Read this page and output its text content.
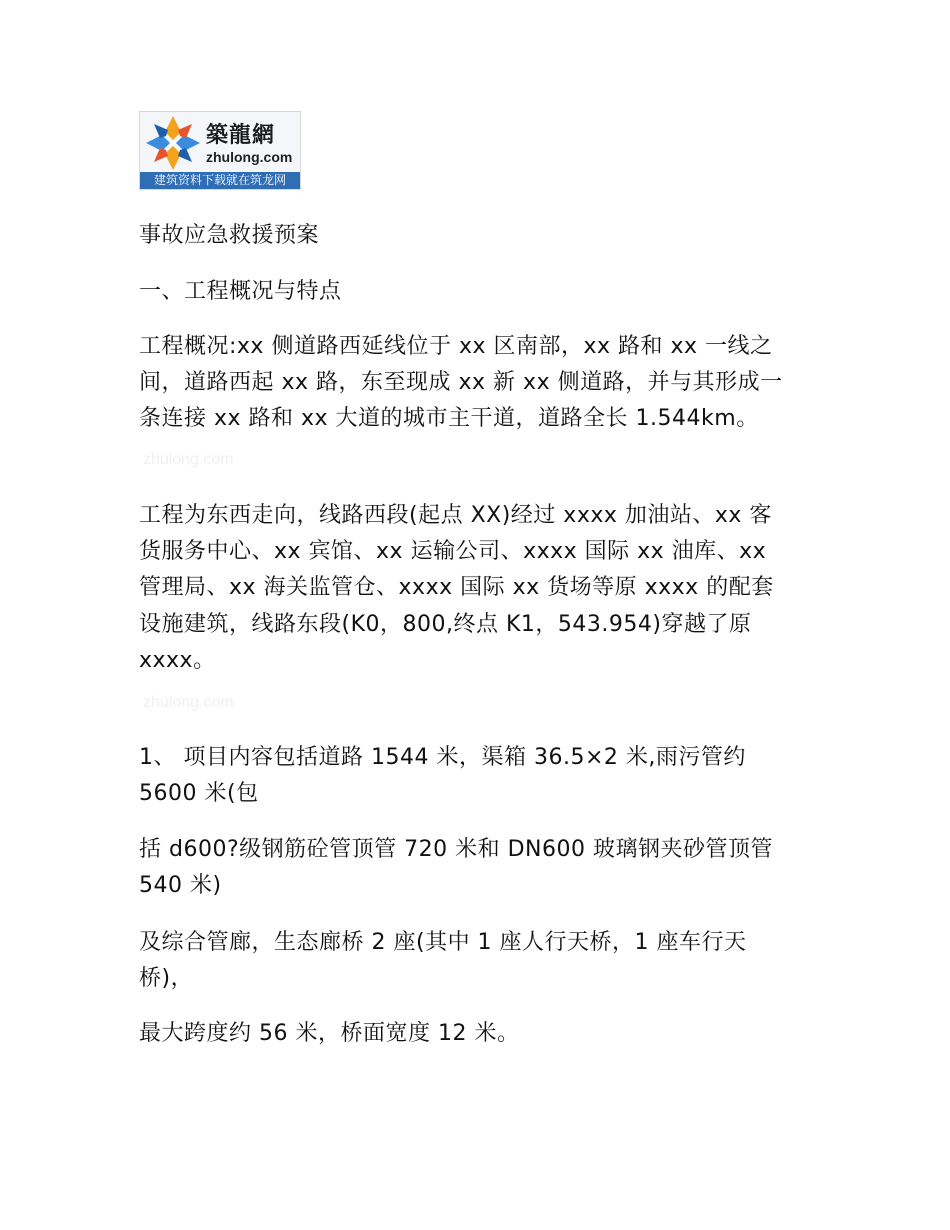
築龍網
zhulong.com
建筑资料下载就在筑龙网
事故应急救援预案
一、工程概况与特点
工程概况:xx 侧道路西延线位于 xx 区南部，xx 路和 xx 一线之
间，道路西起 xx 路，东至现成 xx 新 xx 侧道路，并与其形成一
条连接 xx 路和 xx 大道的城市主干道，道路全长 1.544km。
zhulong.com
工程为东西走向，线路西段(起点 XX)经过 xxxx 加油站、xx 客
货服务中心、xx 宾馆、xx 运输公司、xxxx 国际 xx 油库、xx
管理局、xx 海关监管仓、xxxx 国际 xx 货场等原 xxxx 的配套
设施建筑，线路东段(K0，800,终点 K1，543.954)穿越了原
xxxx。
zhulong.com
1、 项目内容包括道路 1544 米，渠箱 36.5×2 米,雨污管约
5600 米(包
括 d600?级钢筋砼管顶管 720 米和 DN600 玻璃钢夹砂管顶管
540 米)
及综合管廊，生态廊桥 2 座(其中 1 座人行天桥，1 座车行天
桥)，
最大跨度约 56 米，桥面宽度 12 米。
